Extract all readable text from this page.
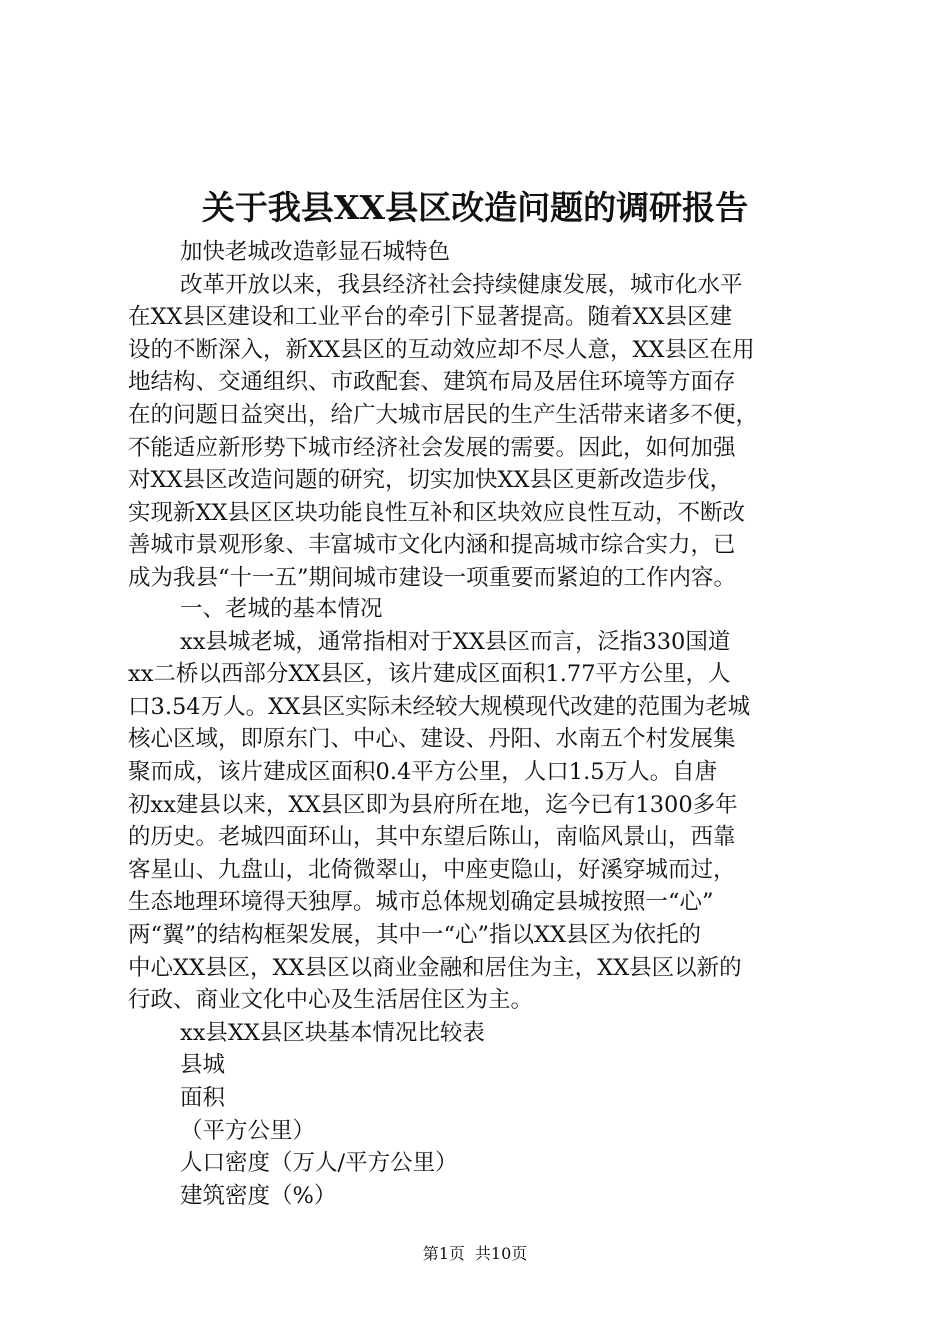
关于我县XX县区改造问题的调研报告
加快老城改造彰显石城特色
改革开放以来，我县经济社会持续健康发展，城市化水平
在XX县区建设和工业平台的牵引下显著提高。随着XX县区建
设的不断深入，新XX县区的互动效应却不尽人意，XX县区在用
地结构、交通组织、市政配套、建筑布局及居住环境等方面存
在的问题日益突出，给广大城市居民的生产生活带来诸多不便，
不能适应新形势下城市经济社会发展的需要。因此，如何加强
对XX县区改造问题的研究，切实加快XX县区更新改造步伐，
实现新XX县区区块功能良性互补和区块效应良性互动，不断改
善城市景观形象、丰富城市文化内涵和提高城市综合实力，已
成为我县“十一五”期间城市建设一项重要而紧迫的工作内容。
一、老城的基本情况
xx县城老城，通常指相对于XX县区而言，泛指330国道
xx二桥以西部分XX县区，该片建成区面积1.77平方公里，人
口3.54万人。XX县区实际未经较大规模现代改建的范围为老城
核心区域，即原东门、中心、建设、丹阳、水南五个村发展集
聚而成，该片建成区面积0.4平方公里，人口1.5万人。自唐
初xx建县以来，XX县区即为县府所在地，迄今已有1300多年
的历史。老城四面环山，其中东望后陈山，南临风景山，西靠
客星山、九盘山，北倚微翠山，中座吏隐山，好溪穿城而过，
生态地理环境得天独厚。城市总体规划确定县城按照一“心”
两“翼”的结构框架发展，其中一“心”指以XX县区为依托的
中心XX县区，XX县区以商业金融和居住为主，XX县区以新的
行政、商业文化中心及生活居住区为主。
xx县XX县区块基本情况比较表
县城
面积
（平方公里）
人口密度（万人/平方公里）
建筑密度（%）
第1页 共10页
